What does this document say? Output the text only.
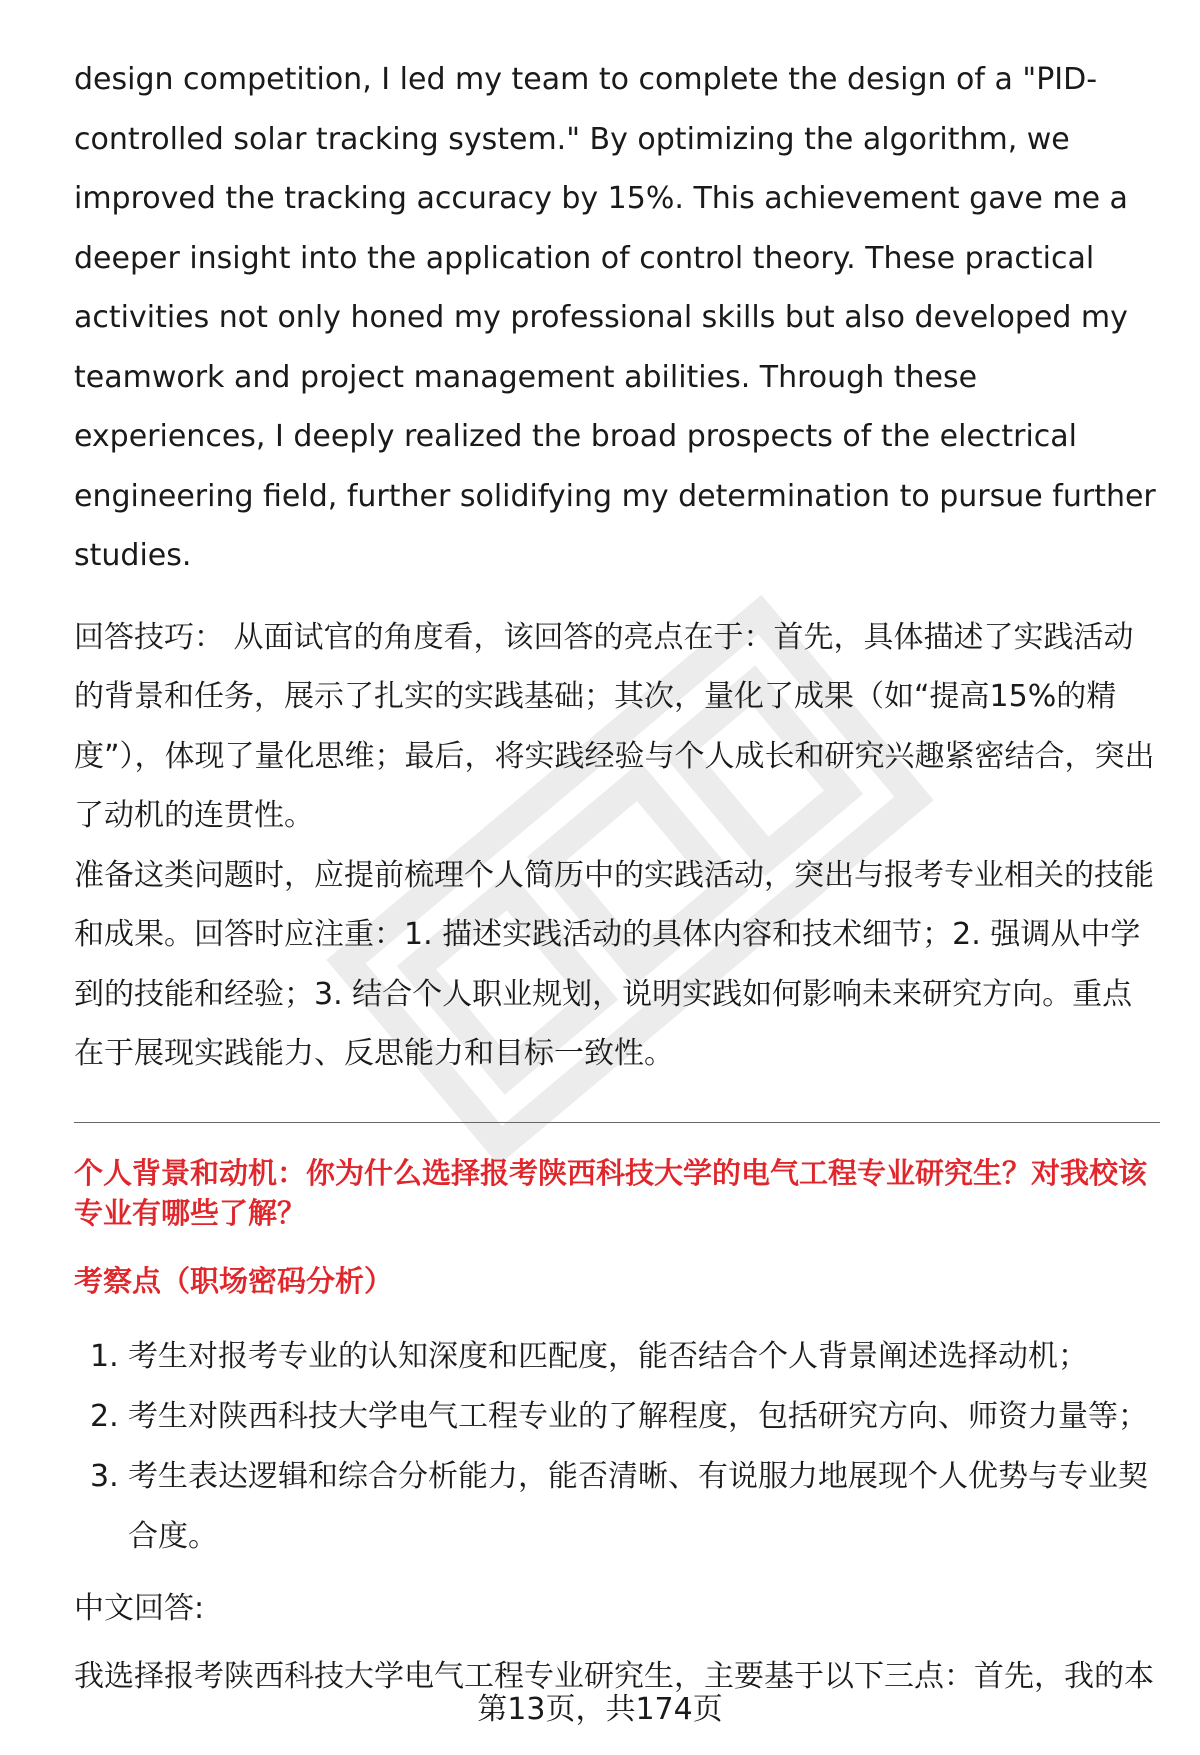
design competition, I led my team to complete the design of a "PID-controlled solar tracking system." By optimizing the algorithm, we improved the tracking accuracy by 15%. This achievement gave me a deeper insight into the application of control theory. These practical activities not only honed my professional skills but also developed my teamwork and project management abilities. Through these experiences, I deeply realized the broad prospects of the electrical engineering field, further solidifying my determination to pursue further studies.

回答技巧： 从面试官的角度看，该回答的亮点在于：首先，具体描述了实践活动的背景和任务，展示了扎实的实践基础；其次，量化了成果（如“提高15%的精度”），体现了量化思维；最后，将实践经验与个人成长和研究兴趣紧密结合，突出了动机的连贯性。

准备这类问题时，应提前梳理个人简历中的实践活动，突出与报考专业相关的技能和成果。回答时应注重：1. 描述实践活动的具体内容和技术细节；2. 强调从中学到的技能和经验；3. 结合个人职业规划，说明实践如何影响未来研究方向。重点在于展现实践能力、反思能力和目标一致性。

个人背景和动机：你为什么选择报考陕西科技大学的电气工程专业研究生？对我校该专业有哪些了解？
考察点（职场密码分析）
1. 考生对报考专业的认知深度和匹配度，能否结合个人背景阐述选择动机；
2. 考生对陕西科技大学电气工程专业的了解程度，包括研究方向、师资力量等；
3. 考生表达逻辑和综合分析能力，能否清晰、有说服力地展现个人优势与专业契合度。

中文回答:

我选择报考陕西科技大学电气工程专业研究生，主要基于以下三点：首先，我的本

第13页，共174页
